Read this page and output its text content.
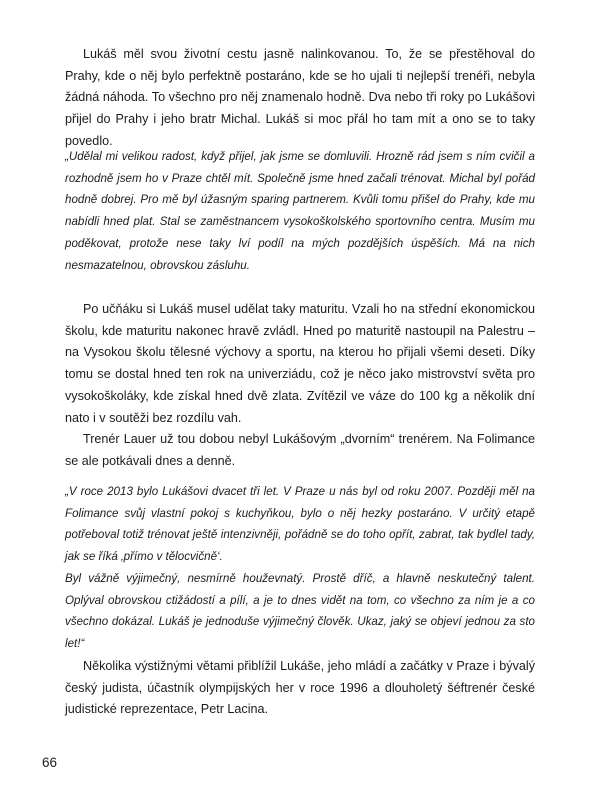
Lukáš měl svou životní cestu jasně nalinkovanou. To, že se přestěhoval do Prahy, kde o něj bylo perfektně postaráno, kde se ho ujali ti nejlepší trenéři, nebyla žádná náhoda. To všechno pro něj znamenalo hodně. Dva nebo tři roky po Lukášovi přijel do Prahy i jeho bratr Michal. Lukáš si moc přál ho tam mít a ono se to taky povedlo.

„Udělal mi velikou radost, když přijel, jak jsme se domluvili. Hrozně rád jsem s ním cvičil a rozhodně jsem ho v Praze chtěl mít. Společně jsme hned začali trénovat. Michal byl pořád hodně dobrej. Pro mě byl úžasným sparing partnerem. Kvůli tomu přišel do Prahy, kde mu nabídli hned plat. Stal se zaměstnancem vysokoškolského sportovního centra. Musím mu poděkovat, protože nese taky lví podíl na mých pozdějších úspěších. Má na nich nesmazatelnou, obrovskou zásluhu.

Po učňáku si Lukáš musel udělat taky maturitu. Vzali ho na střední ekonomickou školu, kde maturitu nakonec hravě zvládl. Hned po maturitě nastoupil na Palestru – na Vysokou školu tělesné výchovy a sportu, na kterou ho přijali všemi deseti. Díky tomu se dostal hned ten rok na univerziádu, což je něco jako mistrovství světa pro vysokoškoláky, kde získal hned dvě zlata. Zvítězil ve váze do 100 kg a několik dní nato i v soutěži bez rozdílu vah.

Trenér Lauer už tou dobou nebyl Lukášovým „dvorním“ trenérem. Na Folimance se ale potkávali dnes a denně.

„V roce 2013 bylo Lukášovi dvacet tři let. V Praze u nás byl od roku 2007. Později měl na Folimance svůj vlastní pokoj s kuchyňkou, bylo o něj hezky postaráno. V určitý etapě potřeboval totiž trénovat ještě intenzivněji, pořádně se do toho opřít, zabrat, tak bydlel tady, jak se říká ‚přímo v tělocvičně‘.

Byl vážně výjimečný, nesmírně houževnatý. Prostě dříč, a hlavně neskutečný talent. Oplýval obrovskou ctižádostí a pílí, a je to dnes vidět na tom, co všechno za ním je a co všechno dokázal. Lukáš je jednoduše výjimečný člověk. Ukaz, jaký se objeví jednou za sto let!“

Několika výstižnými větami přiblížil Lukáše, jeho mládí a začátky v Praze i bývalý český judista, účastník olympijských her v roce 1996 a dlouholetý šéftrenér české judistické reprezentace, Petr Lacina.

66
